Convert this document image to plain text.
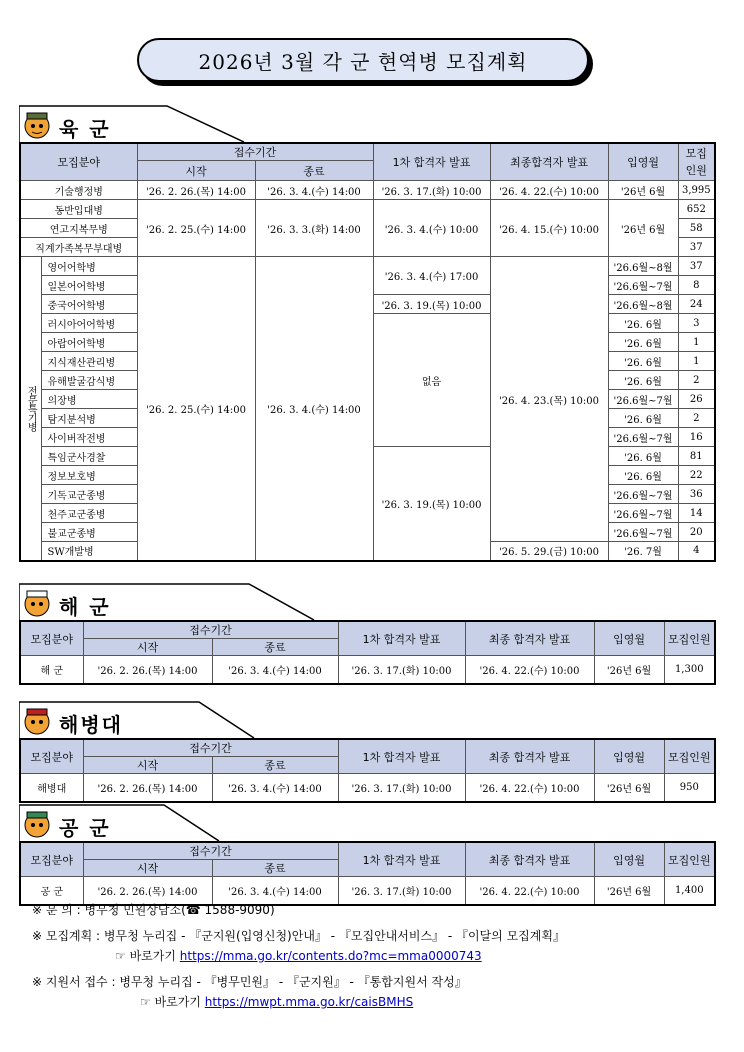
2026년 3월 각 군 현역병 모집계획
육 군
모집분야		접수기간		1차 합격자 발표	최종합격자 발표	입영월	모집
인원
		시작	종료				
기술행정병		'26. 2. 26.(목) 14:00	'26. 3. 4.(수) 14:00	'26. 3. 17.(화) 10:00	'26. 4. 22.(수) 10:00	'26년 6월	3,995
동반입대병		'26. 2. 25.(수) 14:00	'26. 3. 3.(화) 14:00	'26. 3. 4.(수) 10:00	'26. 4. 15.(수) 10:00	'26년 6월	652
연고지복무병							58
직계가족복무부대병							37
전문특기병	영어어학병	'26. 2. 25.(수) 14:00	'26. 3. 4.(수) 14:00	'26. 3. 4.(수) 17:00	'26. 4. 23.(목) 10:00	'26.6월~8월	37
	일본어어학병					'26.6월~7월	8
	중국어어학병			'26. 3. 19.(목) 10:00		'26.6월~8월	24
	러시아어어학병			없음		'26. 6월	3
	아랍어어학병					'26. 6월	1
	지식재산관리병					'26. 6월	1
	유해발굴감식병					'26. 6월	2
	의장병					'26.6월~7월	26
	탐지분석병					'26. 6월	2
	사이버작전병					'26.6월~7월	16
	특임군사경찰			'26. 3. 19.(목) 10:00		'26. 6월	81
	정보보호병					'26. 6월	22
	기독교군종병					'26.6월~7월	36
	천주교군종병					'26.6월~7월	14
	불교군종병					'26.6월~7월	20
	SW개발병				'26. 5. 29.(금) 10:00	'26. 7월	4
해 군
모집분야	접수기간		1차 합격자 발표	최종 합격자 발표	입영월	모집인원
	시작	종료				
해 군	'26. 2. 26.(목) 14:00	'26. 3. 4.(수) 14:00	'26. 3. 17.(화) 10:00	'26. 4. 22.(수) 10:00	'26년 6월	1,300
해병대
모집분야	접수기간		1차 합격자 발표	최종 합격자 발표	입영월	모집인원
	시작	종료				
해병대	'26. 2. 26.(목) 14:00	'26. 3. 4.(수) 14:00	'26. 3. 17.(화) 10:00	'26. 4. 22.(수) 10:00	'26년 6월	950
공 군
모집분야	접수기간		1차 합격자 발표	최종 합격자 발표	입영월	모집인원
	시작	종료				
공 군	'26. 2. 26.(목) 14:00	'26. 3. 4.(수) 14:00	'26. 3. 17.(화) 10:00	'26. 4. 22.(수) 10:00	'26년 6월	1,400
※ 문 의 : 병무청 민원상담소(☎ 1588-9090)
※ 모집계획 : 병무청 누리집 - 『군지원(입영신청)안내』 - 『모집안내서비스』 - 『이달의 모집계획』
☞ 바로가기 https://mma.go.kr/contents.do?mc=mma0000743
※ 지원서 접수 : 병무청 누리집 - 『병무민원』 - 『군지원』 - 『통합지원서 작성』
☞ 바로가기 https://mwpt.mma.go.kr/caisBMHS
